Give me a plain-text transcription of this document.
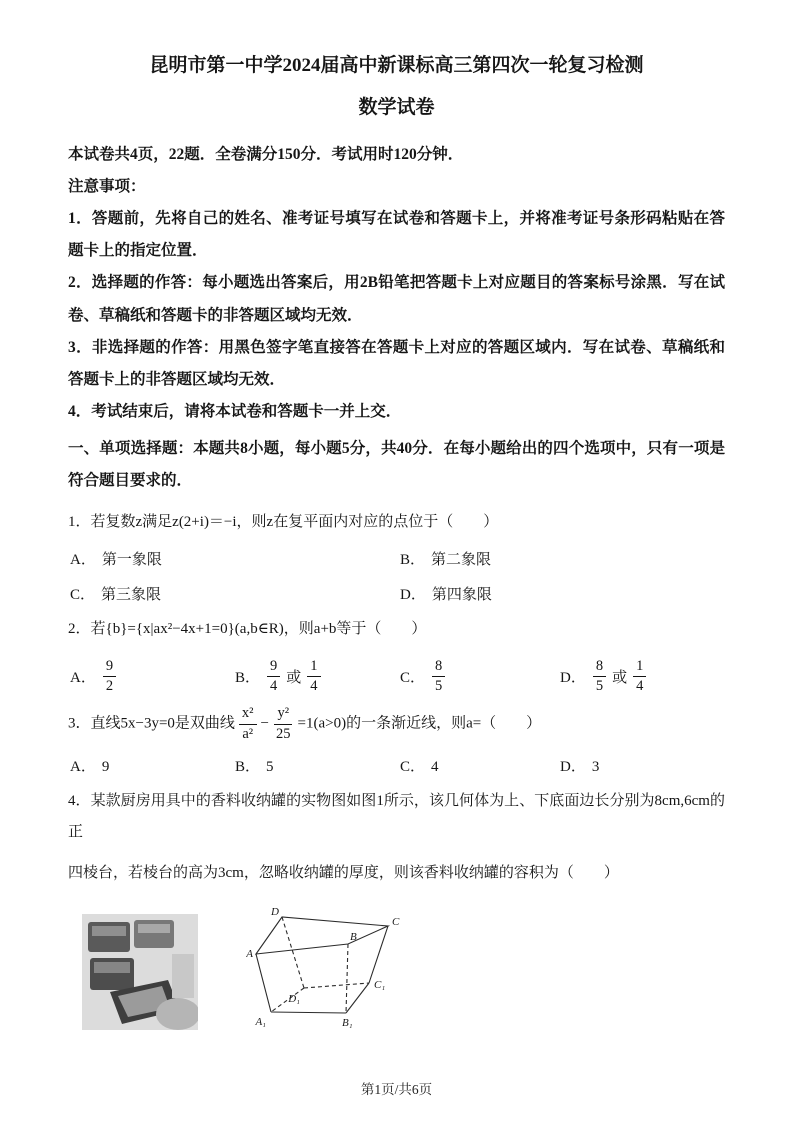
昆明市第一中学2024届高中新课标高三第四次一轮复习检测
数学试卷

本试卷共4页，22题．全卷满分150分．考试用时120分钟．

注意事项：

1．答题前，先将自己的姓名、准考证号填写在试卷和答题卡上，并将准考证号条形码粘贴在答题卡上的指定位置．

2．选择题的作答：每小题选出答案后，用2B铅笔把答题卡上对应题目的答案标号涂黑．写在试卷、草稿纸和答题卡的非答题区域均无效．

3．非选择题的作答：用黑色签字笔直接答在答题卡上对应的答题区域内．写在试卷、草稿纸和答题卡上的非答题区域均无效．

4．考试结束后，请将本试卷和答题卡一并上交．

一、单项选择题：本题共8小题，每小题5分，共40分．在每小题给出的四个选项中，只有一项是符合题目要求的．

1．若复数z满足z(2+i)＝−i，则z在复平面内对应的点位于（　　）

A． 第一象限	B． 第二象限
C． 第三象限	D． 第四象限

2．若{b}={x|ax²−4x+1=0}(a,b∈R)，则a+b等于（　　）

A． $\frac{9}{2}$	B． $\frac{9}{4}$ 或 $\frac{1}{4}$	C． $\frac{8}{5}$	D． $\frac{8}{5}$ 或 $\frac{1}{4}$

3．直线5x−3y=0是双曲线 $\frac{\text{x²}}{\text{a²}} - \frac{\text{y²}}{25} =1(a>0)$的一条渐近线，则a=（　　）

A． 9	B． 5	C． 4	D． 3

4．某款厨房用具中的香料收纳罐的实物图如图1所示，该几何体为上、下底面边长分别为8cm,6cm的正

四棱台，若棱台的高为3cm，忽略收纳罐的厚度，则该香料收纳罐的容积为（　　）

A
B
C
D
A₁	B₁
C₁
D₁
第1页/共6页
